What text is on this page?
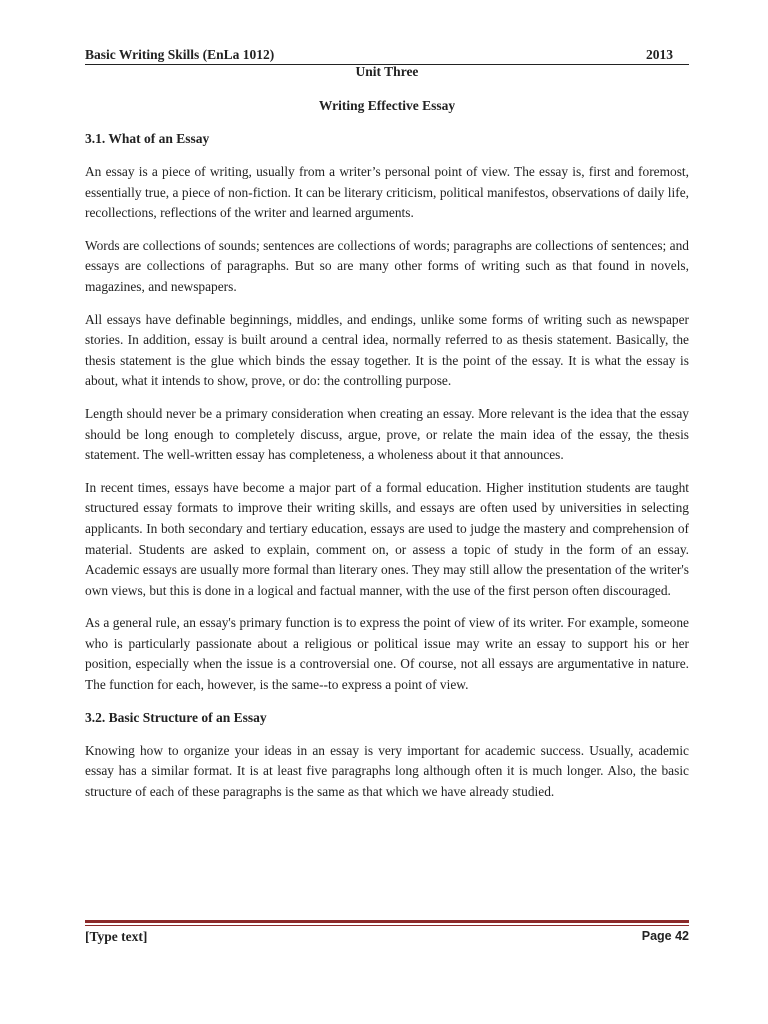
Basic Writing Skills (EnLa 1012)	2013
Unit Three
Writing Effective Essay
3.1. What of an Essay

An essay is a piece of writing, usually from a writer’s personal point of view. The essay is, first and foremost, essentially true, a piece of non-fiction. It can be literary criticism, political manifestos, observations of daily life, recollections, reflections of the writer and learned arguments.

Words are collections of sounds; sentences are collections of words; paragraphs are collections of sentences; and essays are collections of paragraphs. But so are many other forms of writing such as that found in novels, magazines, and newspapers.

All essays have definable beginnings, middles, and endings, unlike some forms of writing such as newspaper stories. In addition, essay is built around a central idea, normally referred to as thesis statement. Basically, the thesis statement is the glue which binds the essay together. It is the point of the essay. It is what the essay is about, what it intends to show, prove, or do: the controlling purpose.

Length should never be a primary consideration when creating an essay. More relevant is the idea that the essay should be long enough to completely discuss, argue, prove, or relate the main idea of the essay, the thesis statement. The well-written essay has completeness, a wholeness about it that announces.

In recent times, essays have become a major part of a formal education. Higher institution students are taught structured essay formats to improve their writing skills, and essays are often used by universities in selecting applicants. In both secondary and tertiary education, essays are used to judge the mastery and comprehension of material. Students are asked to explain, comment on, or assess a topic of study in the form of an essay. Academic essays are usually more formal than literary ones. They may still allow the presentation of the writer's own views, but this is done in a logical and factual manner, with the use of the first person often discouraged.

As a general rule, an essay's primary function is to express the point of view of its writer. For example, someone who is particularly passionate about a religious or political issue may write an essay to support his or her position, especially when the issue is a controversial one. Of course, not all essays are argumentative in nature. The function for each, however, is the same--to express a point of view.

3.2. Basic Structure of an Essay

Knowing how to organize your ideas in an essay is very important for academic success. Usually, academic essay has a similar format. It is at least five paragraphs long although often it is much longer. Also, the basic structure of each of these paragraphs is the same as that which we have already studied.

[Type text]	Page 42
